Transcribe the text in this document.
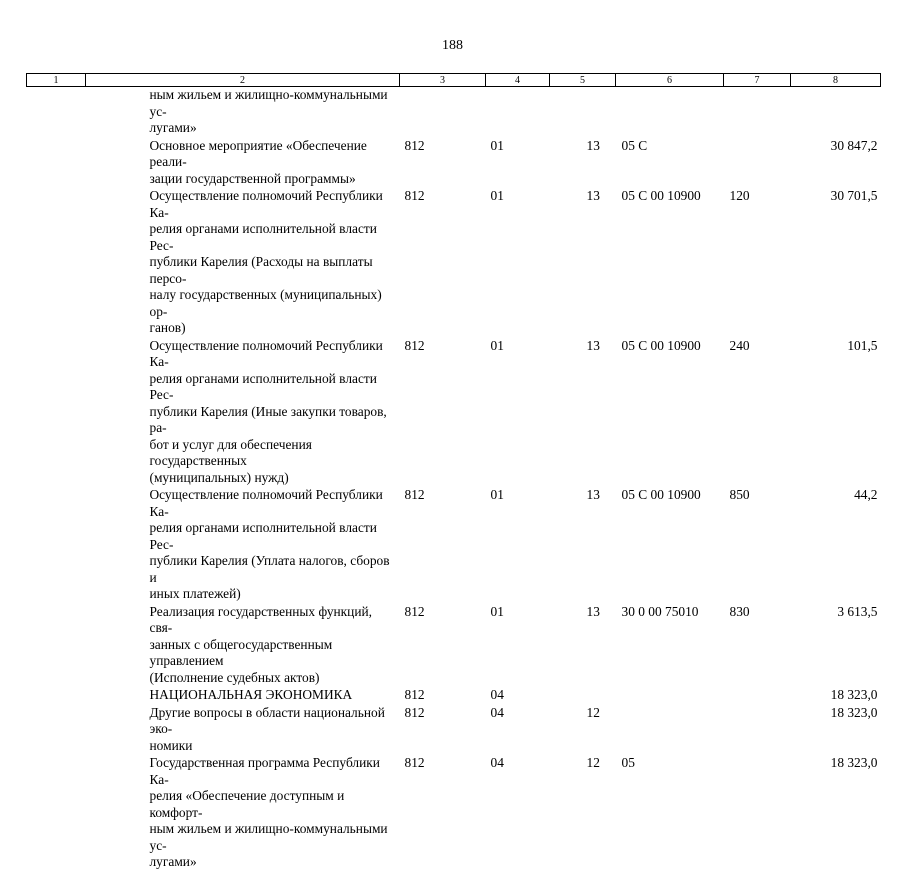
188
1	2	3	4	5	6	7	8

	ным жильем и жилищно-коммунальными ус-
лугами»						

	Основное мероприятие «Обеспечение реали-
зации государственной программы»	812	01	13	05 С		30 847,2

	Осуществление полномочий Республики Ка-
релия органами исполнительной власти Рес-
публики Карелия (Расходы на выплаты персо-
налу государственных (муниципальных) ор-
ганов)	812	01	13	05 С 00 10900	120	30 701,5

	Осуществление полномочий Республики Ка-
релия органами исполнительной власти Рес-
публики Карелия (Иные закупки товаров, ра-
бот и услуг для обеспечения государственных
(муниципальных) нужд)	812	01	13	05 С 00 10900	240	101,5

	Осуществление полномочий Республики Ка-
релия органами исполнительной власти Рес-
публики Карелия (Уплата налогов, сборов и
иных платежей)	812	01	13	05 С 00 10900	850	44,2

	Реализация государственных функций, свя-
занных с общегосударственным управлением
(Исполнение судебных актов)	812	01	13	30 0 00 75010	830	3 613,5

	НАЦИОНАЛЬНАЯ ЭКОНОМИКА	812	04				18 323,0

	Другие вопросы в области национальной эко-
номики	812	04	12			18 323,0

	Государственная программа Республики Ка-
релия «Обеспечение доступным и комфорт-
ным жильем и жилищно-коммунальными ус-
лугами»	812	04	12	05		18 323,0
